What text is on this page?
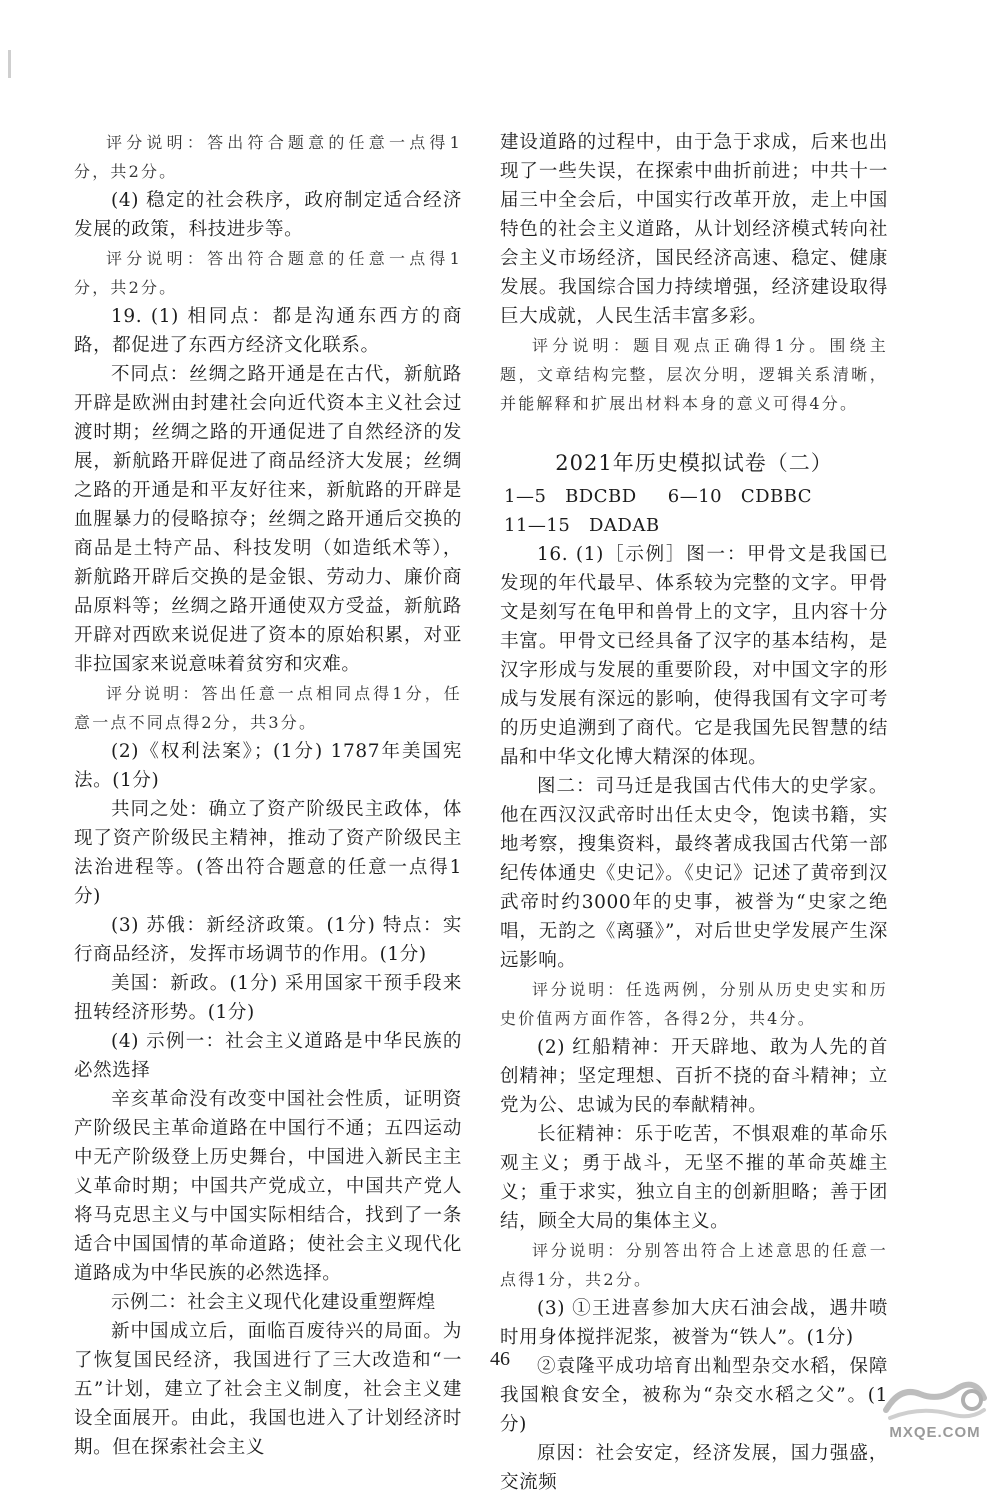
评分说明：答出符合题意的任意一点得1分，共2分。

(4) 稳定的社会秩序，政府制定适合经济发展的政策，科技进步等。

评分说明：答出符合题意的任意一点得1分，共2分。

19. (1) 相同点：都是沟通东西方的商路，都促进了东西方经济文化联系。

不同点：丝绸之路开通是在古代，新航路开辟是欧洲由封建社会向近代资本主义社会过渡时期；丝绸之路的开通促进了自然经济的发展，新航路开辟促进了商品经济大发展；丝绸之路的开通是和平友好往来，新航路的开辟是血腥暴力的侵略掠夺；丝绸之路开通后交换的商品是土特产品、科技发明（如造纸术等），新航路开辟后交换的是金银、劳动力、廉价商品原料等；丝绸之路开通使双方受益，新航路开辟对西欧来说促进了资本的原始积累，对亚非拉国家来说意味着贫穷和灾难。

评分说明：答出任意一点相同点得1分，任意一点不同点得2分，共3分。

(2)《权利法案》；(1分) 1787年美国宪法。(1分)

共同之处：确立了资产阶级民主政体，体现了资产阶级民主精神，推动了资产阶级民主法治进程等。(答出符合题意的任意一点得1分)

(3) 苏俄：新经济政策。(1分) 特点：实行商品经济，发挥市场调节的作用。(1分)

美国：新政。(1分) 采用国家干预手段来扭转经济形势。(1分)

(4) 示例一：社会主义道路是中华民族的必然选择

辛亥革命没有改变中国社会性质，证明资产阶级民主革命道路在中国行不通；五四运动中无产阶级登上历史舞台，中国进入新民主主义革命时期；中国共产党成立，中国共产党人将马克思主义与中国实际相结合，找到了一条适合中国国情的革命道路；使社会主义现代化道路成为中华民族的必然选择。

示例二：社会主义现代化建设重塑辉煌

新中国成立后，面临百废待兴的局面。为了恢复国民经济，我国进行了三大改造和“一五”计划，建立了社会主义制度，社会主义建设全面展开。由此，我国也进入了计划经济时期。但在探索社会主义

建设道路的过程中，由于急于求成，后来也出现了一些失误，在探索中曲折前进；中共十一届三中全会后，中国实行改革开放，走上中国特色的社会主义道路，从计划经济模式转向社会主义市场经济，国民经济高速、稳定、健康发展。我国综合国力持续增强，经济建设取得巨大成就，人民生活丰富多彩。

评分说明：题目观点正确得1分。围绕主题，文章结构完整，层次分明，逻辑关系清晰，并能解释和扩展出材料本身的意义可得4分。

2021年历史模拟试卷（二）

1—5 BDCBD 6—10 CDBBC

11—15 DADAB

16. (1)［示例］图一：甲骨文是我国已发现的年代最早、体系较为完整的文字。甲骨文是刻写在龟甲和兽骨上的文字，且内容十分丰富。甲骨文已经具备了汉字的基本结构，是汉字形成与发展的重要阶段，对中国文字的形成与发展有深远的影响，使得我国有文字可考的历史追溯到了商代。它是我国先民智慧的结晶和中华文化博大精深的体现。

图二：司马迁是我国古代伟大的史学家。他在西汉汉武帝时出任太史令，饱读书籍，实地考察，搜集资料，最终著成我国古代第一部纪传体通史《史记》。《史记》记述了黄帝到汉武帝时约3000年的史事，被誉为“史家之绝唱，无韵之《离骚》”，对后世史学发展产生深远影响。

评分说明：任选两例，分别从历史史实和历史价值两方面作答，各得2分，共4分。

(2) 红船精神：开天辟地、敢为人先的首创精神；坚定理想、百折不挠的奋斗精神；立党为公、忠诚为民的奉献精神。

长征精神：乐于吃苦，不惧艰难的革命乐观主义；勇于战斗，无坚不摧的革命英雄主义；重于求实，独立自主的创新胆略；善于团结，顾全大局的集体主义。

评分说明：分别答出符合上述意思的任意一点得1分，共2分。

(3) ①王进喜参加大庆石油会战，遇井喷时用身体搅拌泥浆，被誉为“铁人”。(1分)

②袁隆平成功培育出籼型杂交水稻，保障我国粮食安全，被称为“杂交水稻之父”。(1分)

原因：社会安定，经济发展，国力强盛，交流频

46
MXQE.COM
